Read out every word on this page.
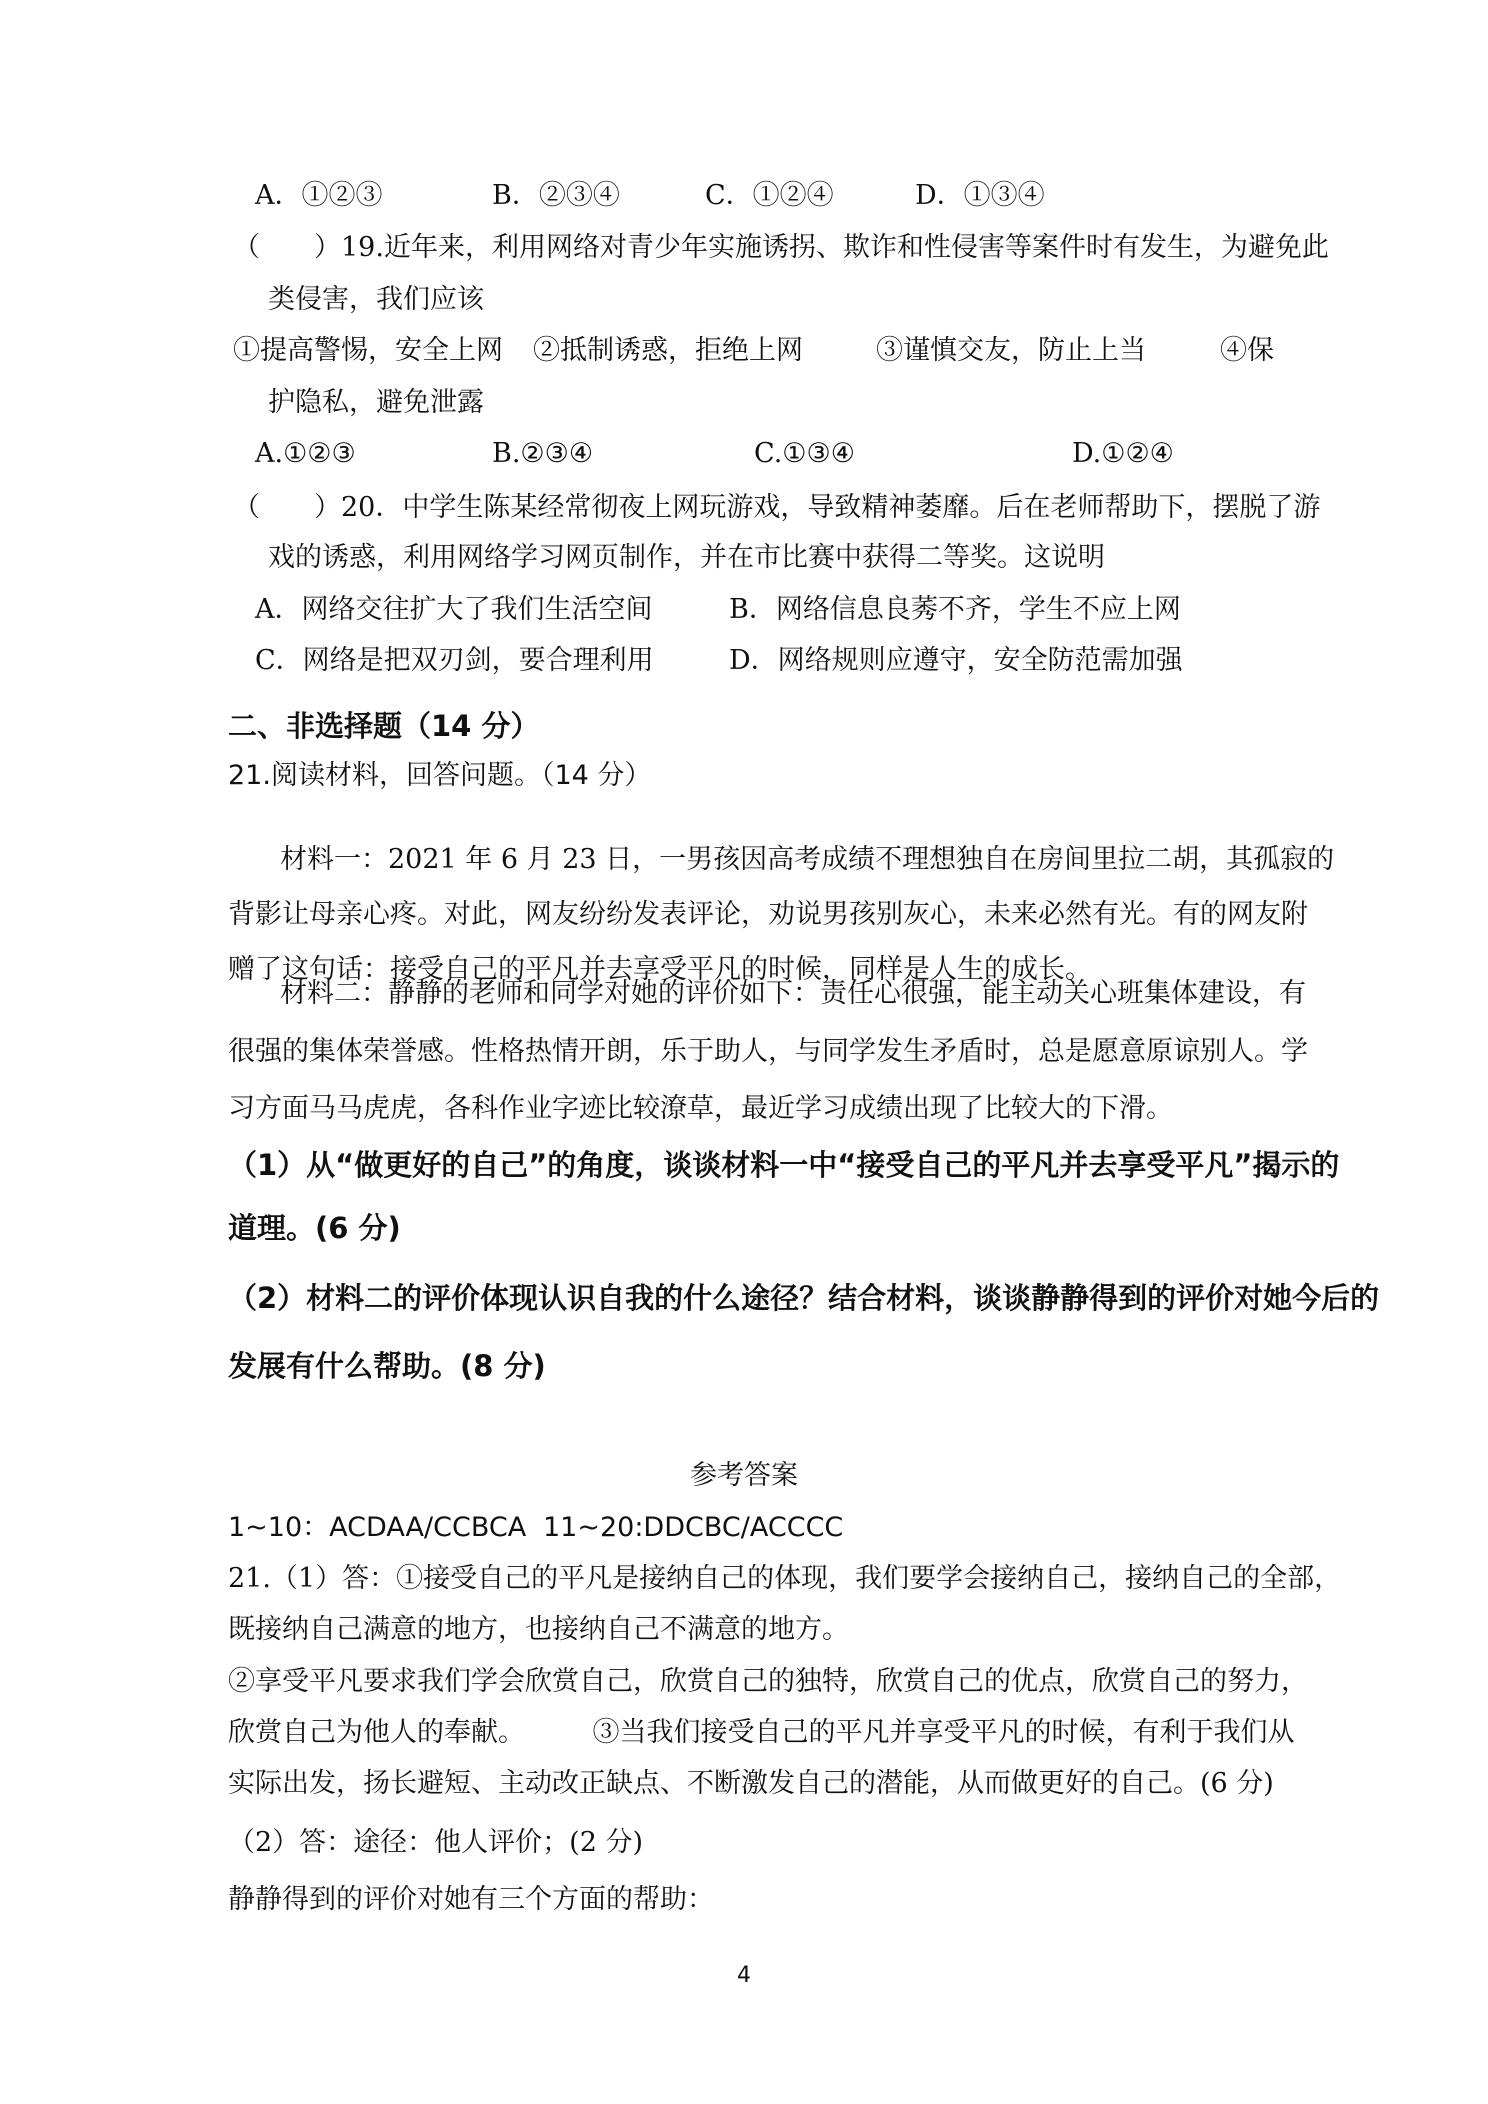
A．①②③	B．②③④	C．①②④	D．①③④
（　　）19.近年来，利用网络对青少年实施诱拐、欺诈和性侵害等案件时有发生，为避免此
类侵害，我们应该
①提高警惕，安全上网 ②抵制诱惑，拒绝上网	③谨慎交友，防止上当	④保
护隐私，避免泄露
A.①②③	B.②③④	C.①③④	D.①②④
（　　）20．中学生陈某经常彻夜上网玩游戏，导致精神萎靡。后在老师帮助下，摆脱了游
戏的诱惑，利用网络学习网页制作，并在市比赛中获得二等奖。这说明
A．网络交往扩大了我们生活空间	B．网络信息良莠不齐，学生不应上网
C．网络是把双刃剑，要合理利用	D．网络规则应遵守，安全防范需加强
二、非选择题（14 分）
21.阅读材料，回答问题。（14 分）
材料一：2021 年 6 月 23 日，一男孩因高考成绩不理想独自在房间里拉二胡，其孤寂的
背影让母亲心疼。对此，网友纷纷发表评论，劝说男孩别灰心，未来必然有光。有的网友附
赠了这句话：接受自己的平凡并去享受平凡的时候，同样是人生的成长。
材料二：静静的老师和同学对她的评价如下：责任心很强，能主动关心班集体建设，有
很强的集体荣誉感。性格热情开朗，乐于助人，与同学发生矛盾时，总是愿意原谅别人。学
习方面马马虎虎，各科作业字迹比较潦草，最近学习成绩出现了比较大的下滑。
（1）从“做更好的自己”的角度，谈谈材料一中“接受自己的平凡并去享受平凡”揭示的
道理。(6 分)
（2）材料二的评价体现认识自我的什么途径？结合材料，谈谈静静得到的评价对她今后的
发展有什么帮助。(8 分)
参考答案
1~10：ACDAA/CCBCA 11~20:DDCBC/ACCCC
21.（1）答：①接受自己的平凡是接纳自己的体现，我们要学会接纳自己，接纳自己的全部，
既接纳自己满意的地方，也接纳自己不满意的地方。
②享受平凡要求我们学会欣赏自己，欣赏自己的独特，欣赏自己的优点，欣赏自己的努力，
欣赏自己为他人的奉献。　　　③当我们接受自己的平凡并享受平凡的时候，有利于我们从
实际出发，扬长避短、主动改正缺点、不断激发自己的潜能，从而做更好的自己。(6 分)
（2）答：途径：他人评价；(2 分)
静静得到的评价对她有三个方面的帮助：
4
